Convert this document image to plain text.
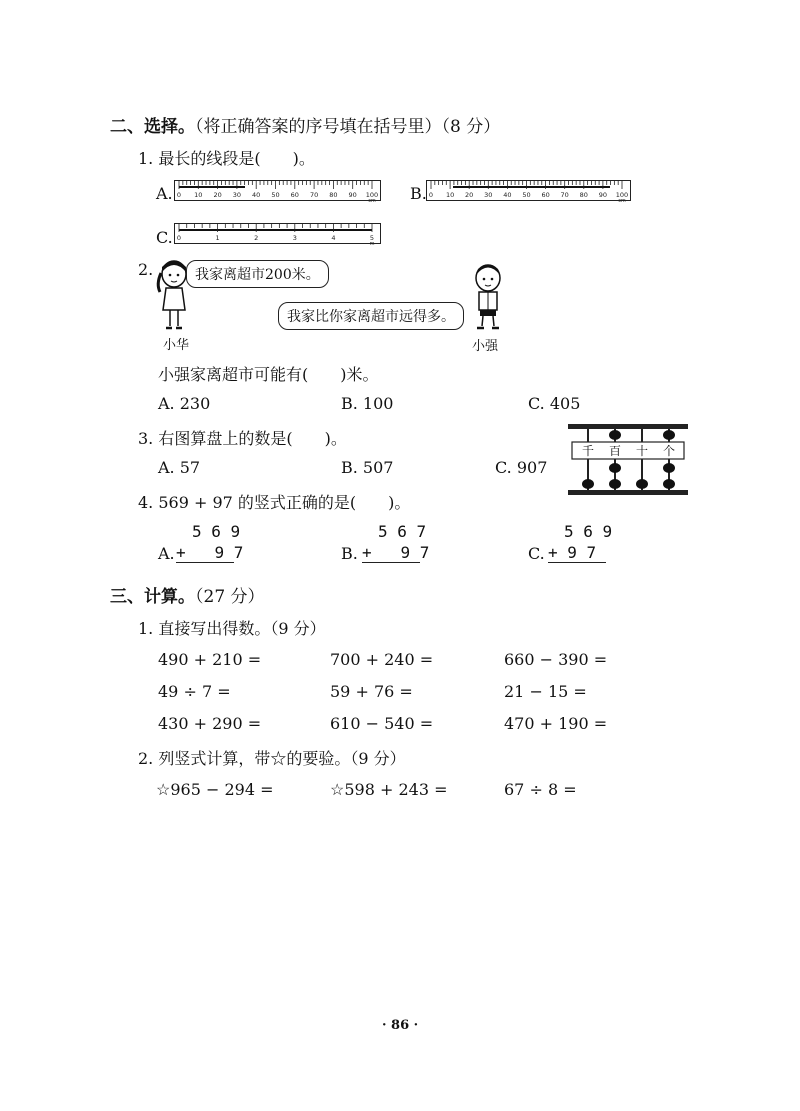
二、选择。（将正确答案的序号填在括号里）（8 分）
1. 最长的线段是(　　)。
A. 0 10 20 30 40 50 60 70 80 90 100
cm B. 0 10 20 30 40 50 60 70 80 90 100
cm
C. 0	1	2	3	4	5
m
2.	我家离超市200米。
小华
我家比你家离超市远得多。
小强
小强家离超市可能有(　　)米。
A. 230	B. 100	C. 405
3. 右图算盘上的数是(　　)。
A. 57	B. 507	C. 907
千 百 十 个
4. 569 + 97 的竖式正确的是(　　)。
A.
5 6 9
+   9 7	B.
5 6 7
+   9 7	C.
5 6 9
+ 9 7
三、计算。（27 分）
1. 直接写出得数。（9 分）
490 + 210 =	700 + 240 =	660 − 390 =
49 ÷ 7 =	59 + 76 =	21 − 15 =
430 + 290 =	610 − 540 =	470 + 190 =
2. 列竖式计算，带☆的要验。（9 分）
☆965 − 294 =	☆598 + 243 =	67 ÷ 8 =
· 86 ·
